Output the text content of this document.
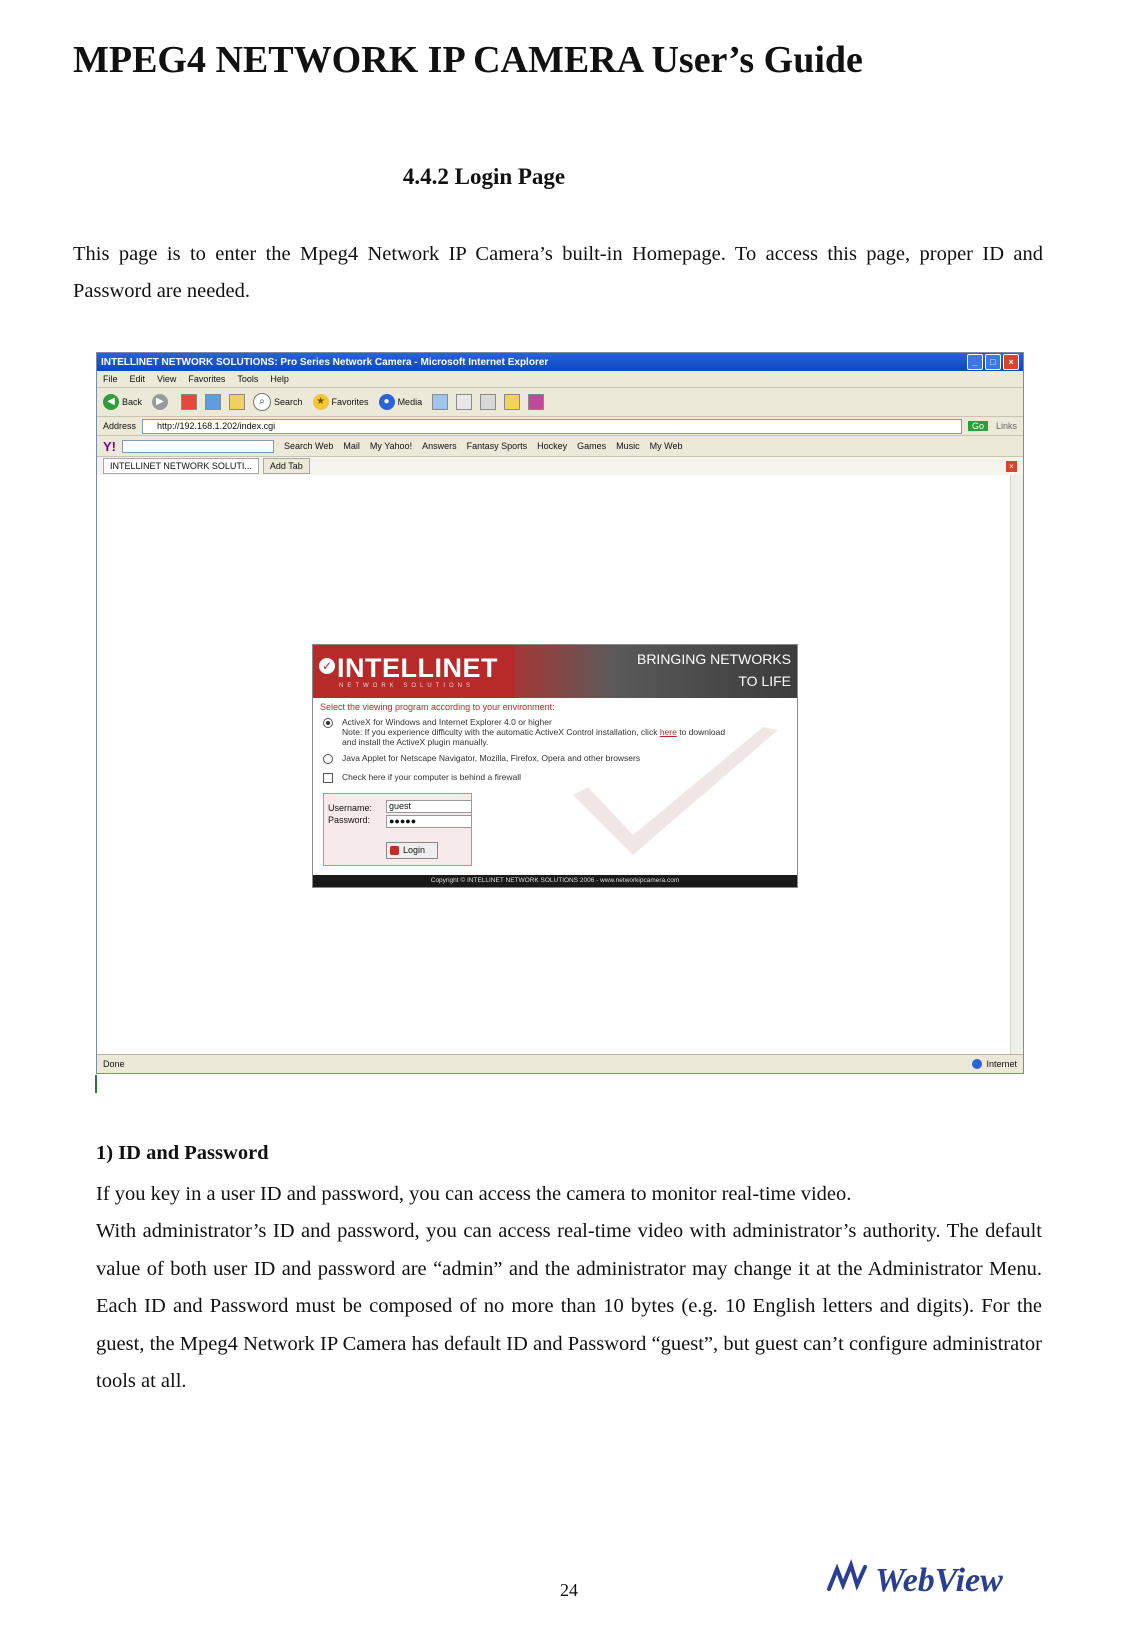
MPEG4 NETWORK IP CAMERA User’s Guide
4.4.2 Login Page

This page is to enter the Mpeg4 Network IP Camera’s built-in Homepage. To access this page, proper ID and Password are needed.

INTELLINET NETWORK SOLUTIONS: Pro Series Network Camera - Microsoft Internet Explorer	_	□	×
File Edit View Favorites Tools Help
◀ Back	▶	⌕	Search	★ Favorites	● Media
Address	http://192.168.1.202/index.cgi	Go	Links
Y!	Search Web Mail My Yahoo! Answers Fantasy Sports Hockey Games Music My Web
INTELLINET NETWORK SOLUTI...	Add Tab	×
✓ INTELLINET
NETWORK SOLUTIONS
BRINGING NETWORKS
TO LIFE
Select the viewing program according to your environment:
ActiveX for Windows and Internet Explorer 4.0 or higher
Note: If you experience difficulty with the automatic ActiveX Control installation, click here to download
and install the ActiveX plugin manually.
Java Applet for Netscape Navigator, Mozilla, Firefox, Opera and other browsers
Check here if your computer is behind a firewall
Username:	guest
Password:	●●●●●
Login
Copyright © INTELLINET NETWORK SOLUTIONS 2006 - www.networkipcamera.com
Done	Internet
1) ID and Password

If you key in a user ID and password, you can access the camera to monitor real-time video.

With administrator’s ID and password, you can access real-time video with administrator’s authority. The default value of both user ID and password are “admin” and the administrator may change it at the Administrator Menu. Each ID and Password must be composed of no more than 10 bytes (e.g. 10 English letters and digits). For the guest, the Mpeg4 Network IP Camera has default ID and Password “guest”, but guest can’t configure administrator tools at all.

24	WebView
